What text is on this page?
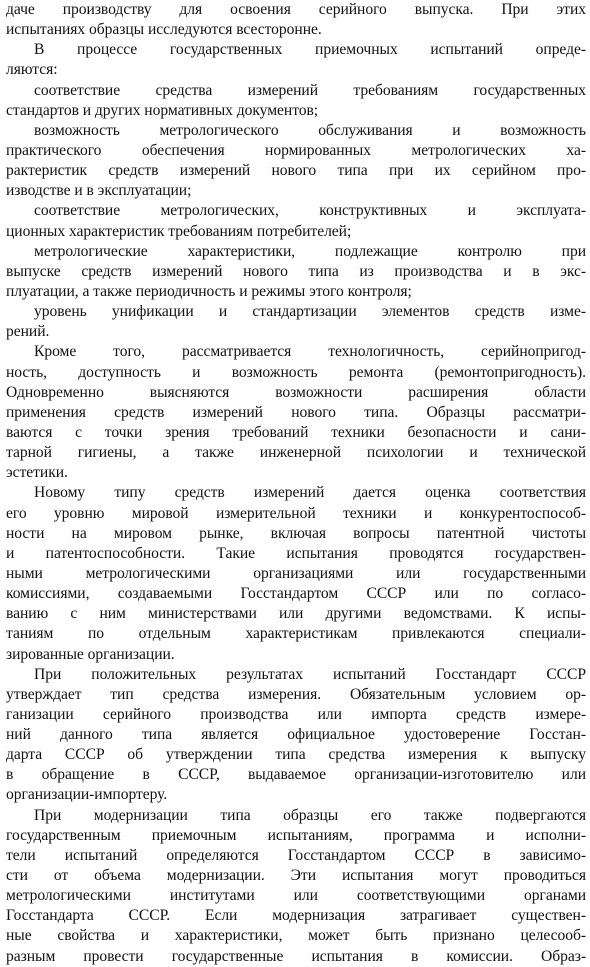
даче производству для освоения серийного выпуска. При этих
испытаниях образцы исследуются всесторонне.
В процессе государственных приемочных испытаний опреде-
ляются:
соответствие средства измерений требованиям государственных
стандартов и других нормативных документов;
возможность метрологического обслуживания и возможность
практического обеспечения нормированных метрологических ха-
рактеристик средств измерений нового типа при их серийном про-
изводстве и в эксплуатации;
соответствие метрологических, конструктивных и эксплуата-
ционных характеристик требованиям потребителей;
метрологические характеристики, подлежащие контролю при
выпуске средств измерений нового типа из производства и в экс-
плуатации, а также периодичность и режимы этого контроля;
уровень унификации и стандартизации элементов средств изме-
рений.
Кроме того, рассматривается технологичность, серийнопригод-
ность, доступность и возможность ремонта (ремонтопригодность).
Одновременно выясняются возможности расширения области
применения средств измерений нового типа. Образцы рассматри-
ваются с точки зрения требований техники безопасности и сани-
тарной гигиены, а также инженерной психологии и технической
эстетики.
Новому типу средств измерений дается оценка соответствия
его уровню мировой измерительной техники и конкурентоспособ-
ности на мировом рынке, включая вопросы патентной чистоты
и патентоспособности. Такие испытания проводятся государствен-
ными метрологическими организациями или государственными
комиссиями, создаваемыми Госстандартом СССР или по согласо-
ванию с ним министерствами или другими ведомствами. К испы-
таниям по отдельным характеристикам привлекаются специали-
зированные организации.
При положительных результатах испытаний Госстандарт СССР
утверждает тип средства измерения. Обязательным условием ор-
ганизации серийного производства или импорта средств измере-
ний данного типа является официальное удостоверение Госстан-
дарта СССР об утверждении типа средства измерения к выпуску
в обращение в СССР, выдаваемое организации-изготовителю или
организации-импортеру.
При модернизации типа образцы его также подвергаются
государственным приемочным испытаниям, программа и исполни-
тели испытаний определяются Госстандартом СССР в зависимо-
сти от объема модернизации. Эти испытания могут проводиться
метрологическими институтами или соответствующими органами
Госстандарта СССР. Если модернизация затрагивает существен-
ные свойства и характеристики, может быть признано целесооб-
разным провести государственные испытания в комиссии. Образ-
